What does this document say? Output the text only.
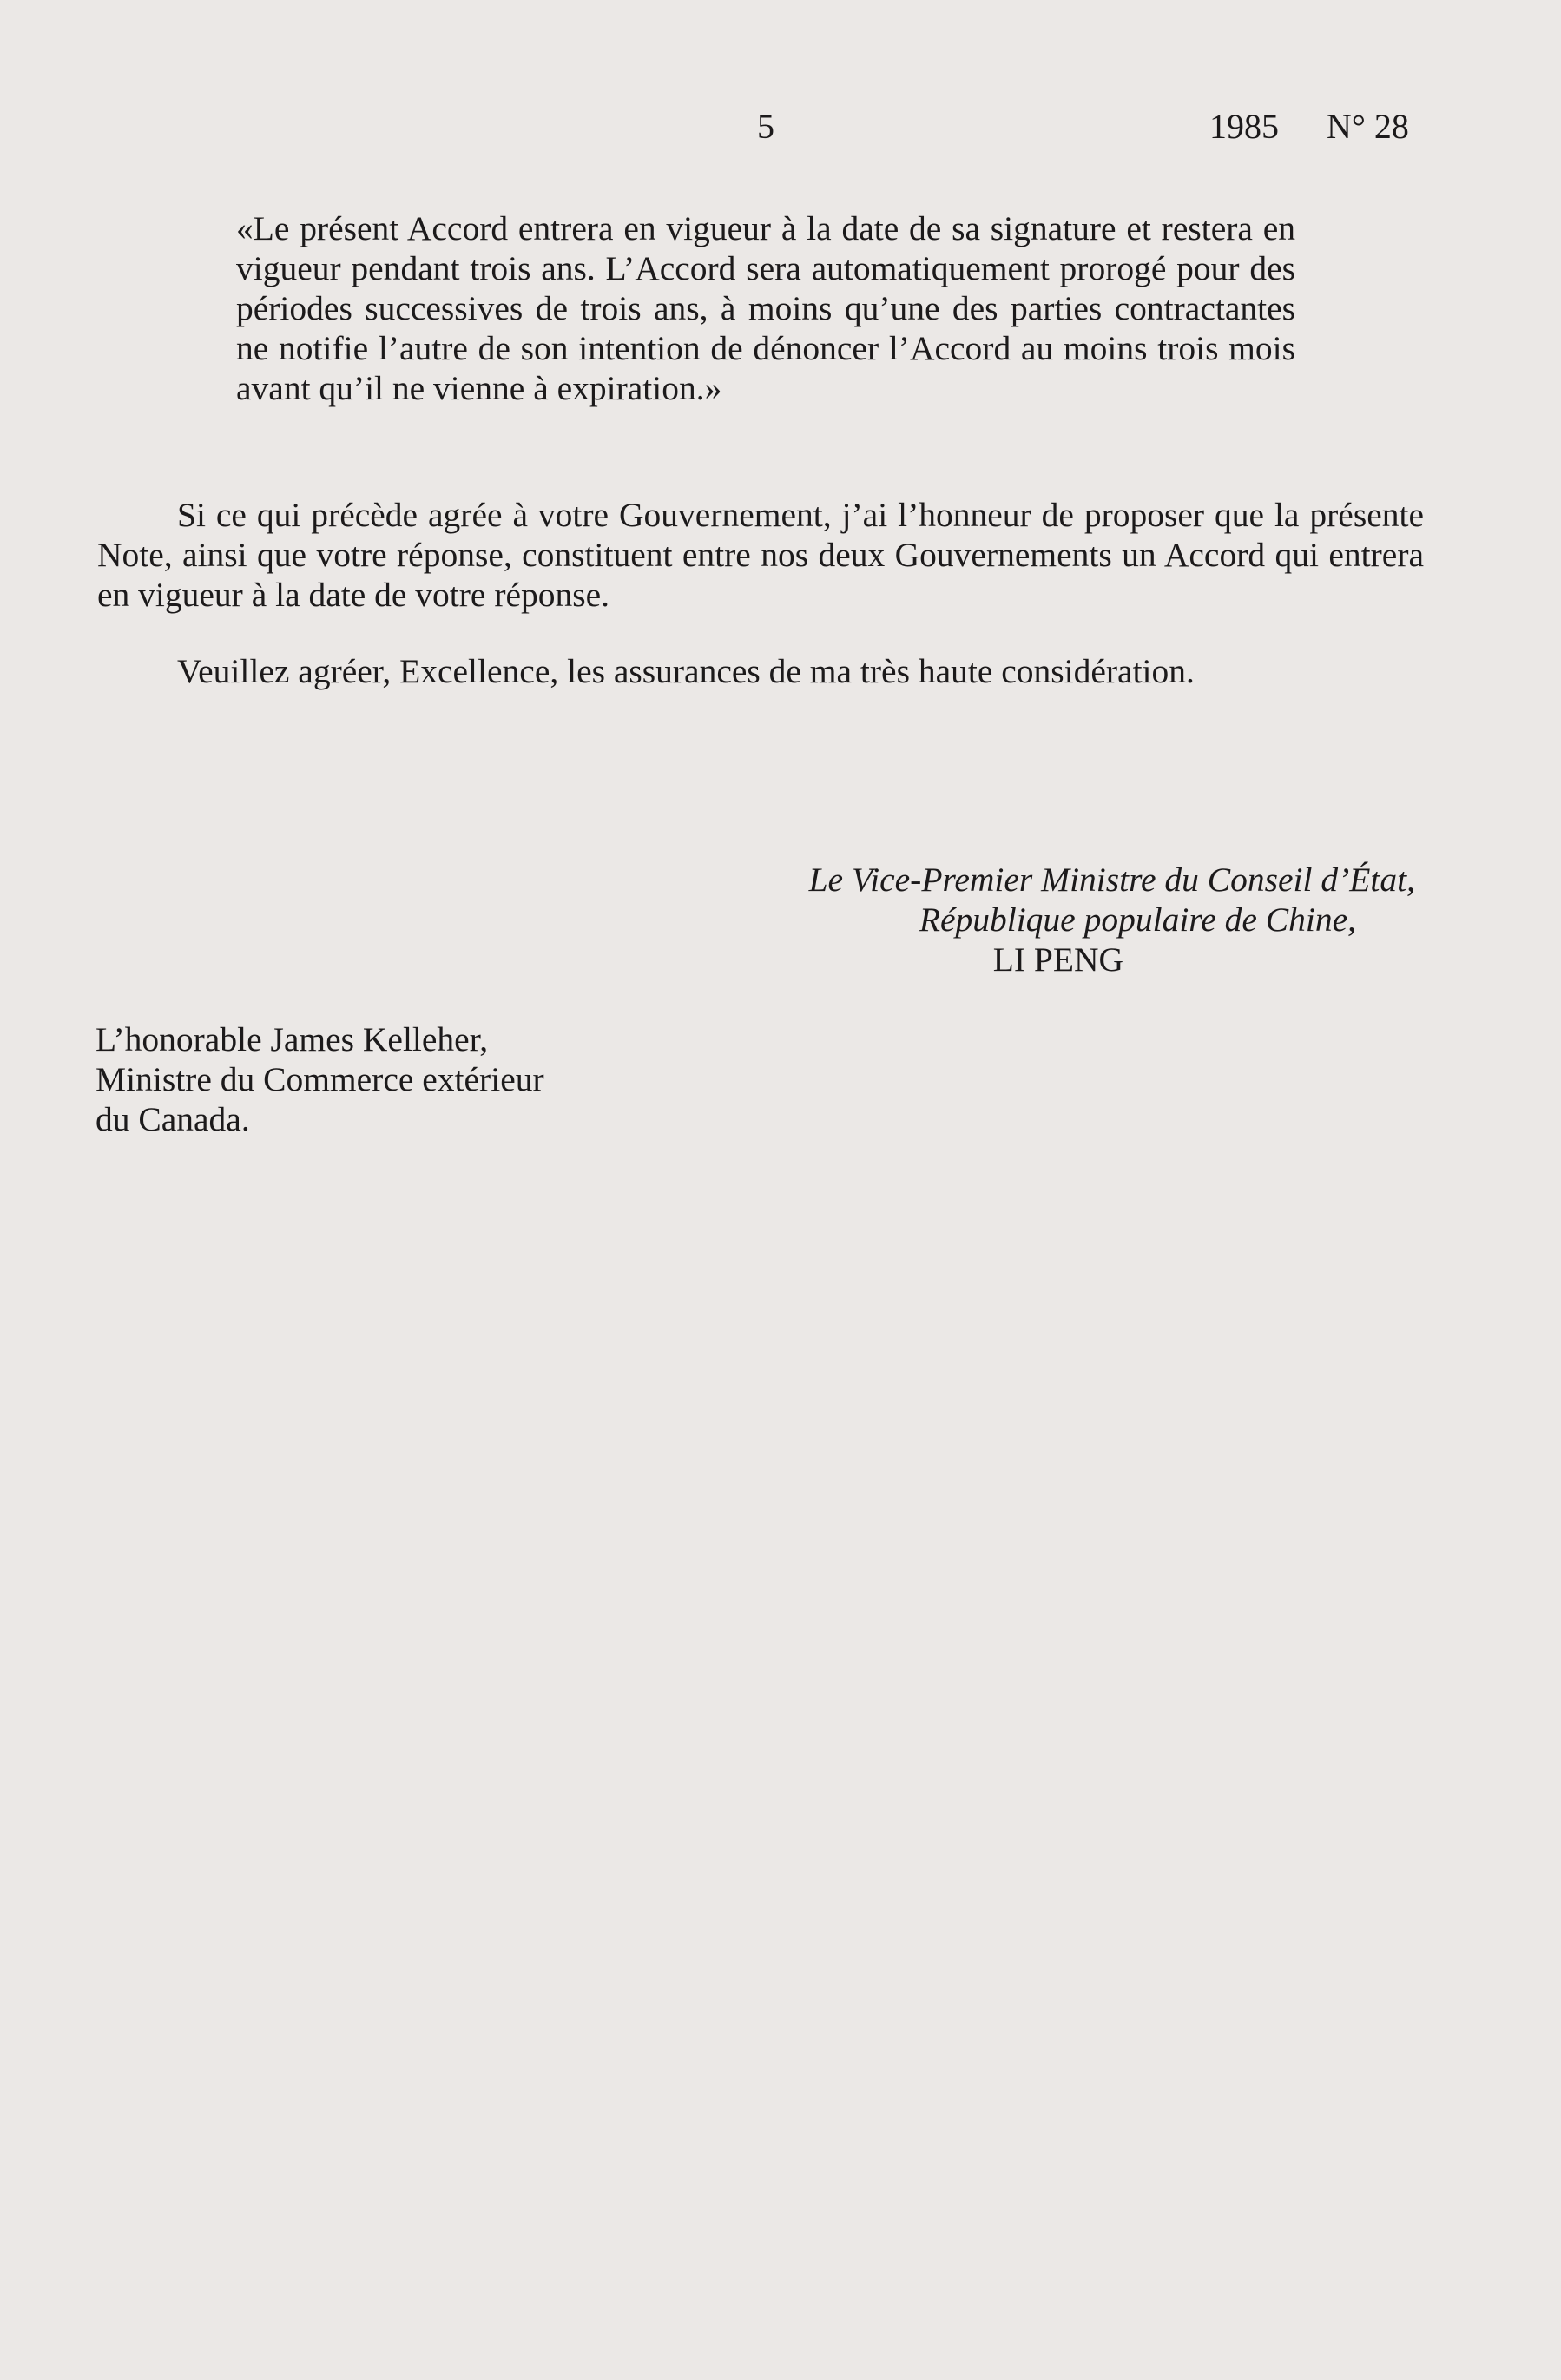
5	1985 N° 28
«Le présent Accord entrera en vigueur à la date de sa signature et restera en vigueur pendant trois ans. L’Accord sera automatiquement prorogé pour des périodes successives de trois ans, à moins qu’une des parties contractantes ne notifie l’autre de son intention de dénoncer l’Accord au moins trois mois avant qu’il ne vienne à expiration.»
Si ce qui précède agrée à votre Gouvernement, j’ai l’honneur de proposer que la présente Note, ainsi que votre réponse, constituent entre nos deux Gouvernements un Accord qui entrera en vigueur à la date de votre réponse.
Veuillez agréer, Excellence, les assurances de ma très haute considération.
Le Vice-Premier Ministre du Conseil d’État,
République populaire de Chine,
LI PENG
L’honorable James Kelleher,
Ministre du Commerce extérieur
du Canada.
